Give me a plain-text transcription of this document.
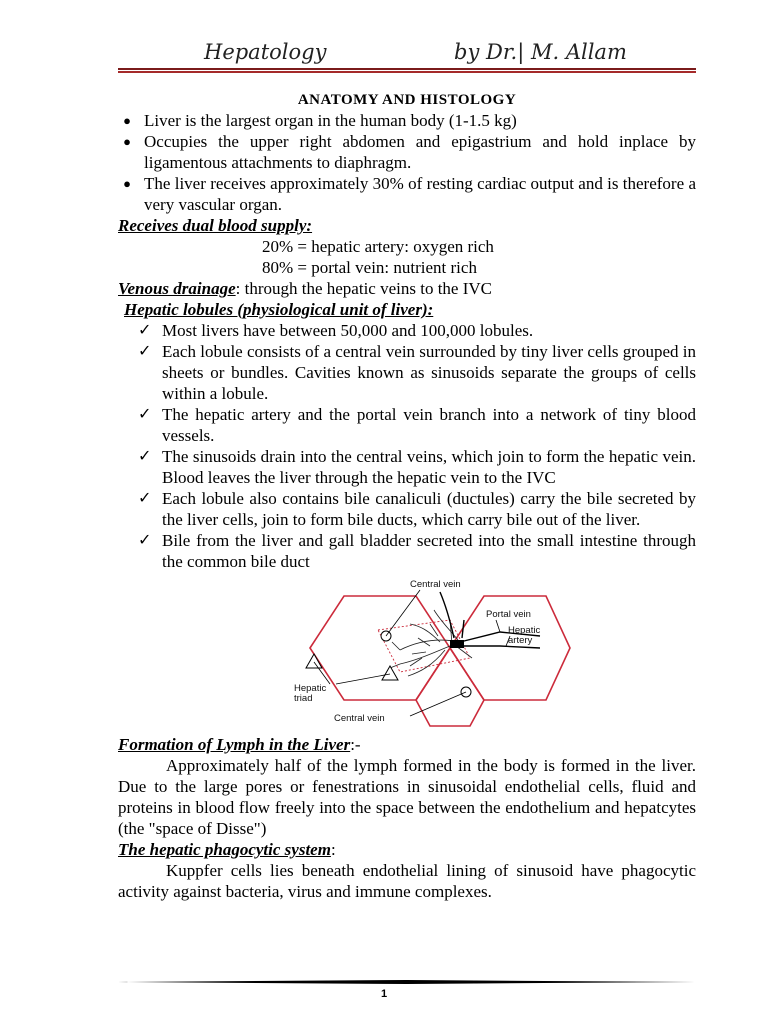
Hepatology	by Dr.| M. Allam
ANATOMY AND HISTOLOGY
● Liver is the largest organ in the human body (1-1.5 kg)
● Occupies the upper right abdomen and epigastrium and hold inplace by ligamentous attachments to diaphragm.
● The liver receives approximately 30% of resting cardiac output and is therefore a very vascular organ.
Receives dual blood supply:
20% = hepatic artery: oxygen rich
80% = portal vein: nutrient rich
Venous drainage: through the hepatic veins to the IVC
Hepatic lobules (physiological unit of liver):
✓ Most livers have between 50,000 and 100,000 lobules.
✓ Each lobule consists of a central vein surrounded by tiny liver cells grouped in sheets or bundles. Cavities known as sinusoids separate the groups of cells within a lobule.
✓ The hepatic artery and the portal vein branch into a network of tiny blood vessels.
✓ The sinusoids drain into the central veins, which join to form the hepatic vein. Blood leaves the liver through the hepatic vein to the IVC
✓ Each lobule also contains bile canaliculi (ductules) carry the bile secreted by the liver cells, join to form bile ducts, which carry bile out of the liver.
✓ Bile from the liver and gall bladder secreted into the small intestine through the common bile duct
Central vein
Portal vein
Hepatic
artery
Hepatic
triad
Central vein
Formation of Lymph in the Liver:-
Approximately half of the lymph formed in the body is formed in the liver. Due to the large pores or fenestrations in sinusoidal endothelial cells, fluid and proteins in blood flow freely into the space between the endothelium and hepatcytes (the "space of Disse")
The hepatic phagocytic system:
Kuppfer cells lies beneath endothelial lining of sinusoid have phagocytic activity against bacteria, virus and immune complexes.
1
